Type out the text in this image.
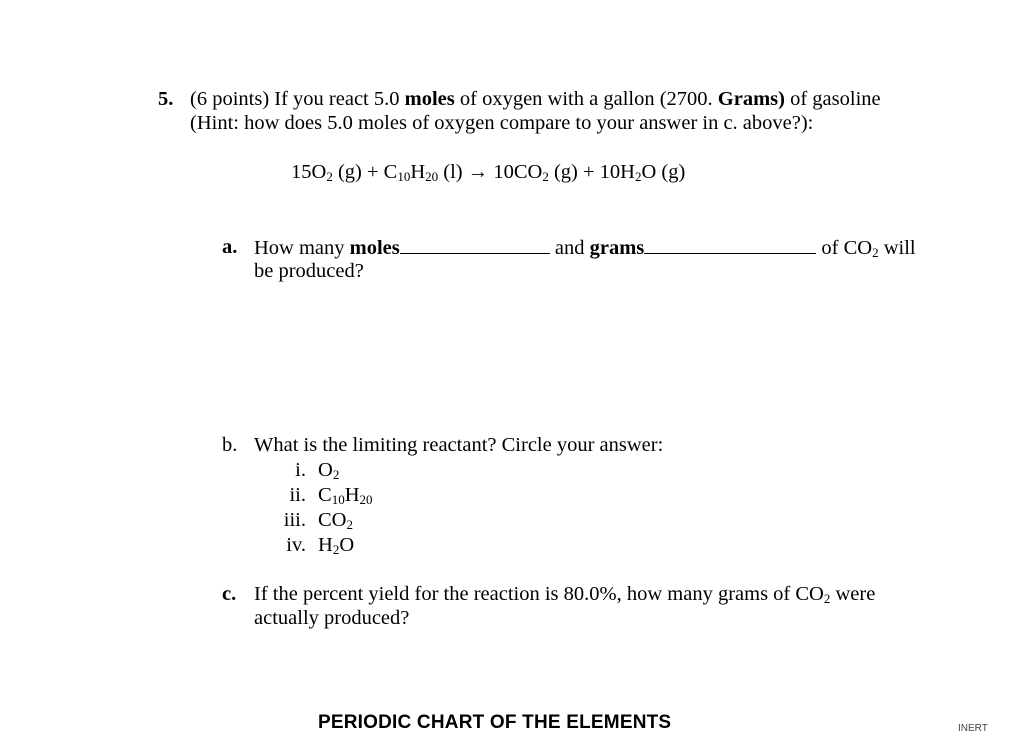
5. (6 points) If you react 5.0 moles of oxygen with a gallon (2700. Grams) of gasoline
(Hint: how does 5.0 moles of oxygen compare to your answer in c. above?):
$15O_2$ $(g) + C_{10}H_{20}$ $(l) \to 10CO_2$ $(g) + 10H_2O$ (g)
a. How many moles	and grams	of $CO_2$ will
be produced?
b. What is the limiting reactant? Circle your answer:
i. $O_2$
ii. $C_{10}H_{20}$
iii. $CO_2$
iv. $H_2O$
c. If the percent yield for the reaction is 80.0%, how many grams of $CO_2$ were
actually produced?
PERIODIC CHART OF THE ELEMENTS	INERT
